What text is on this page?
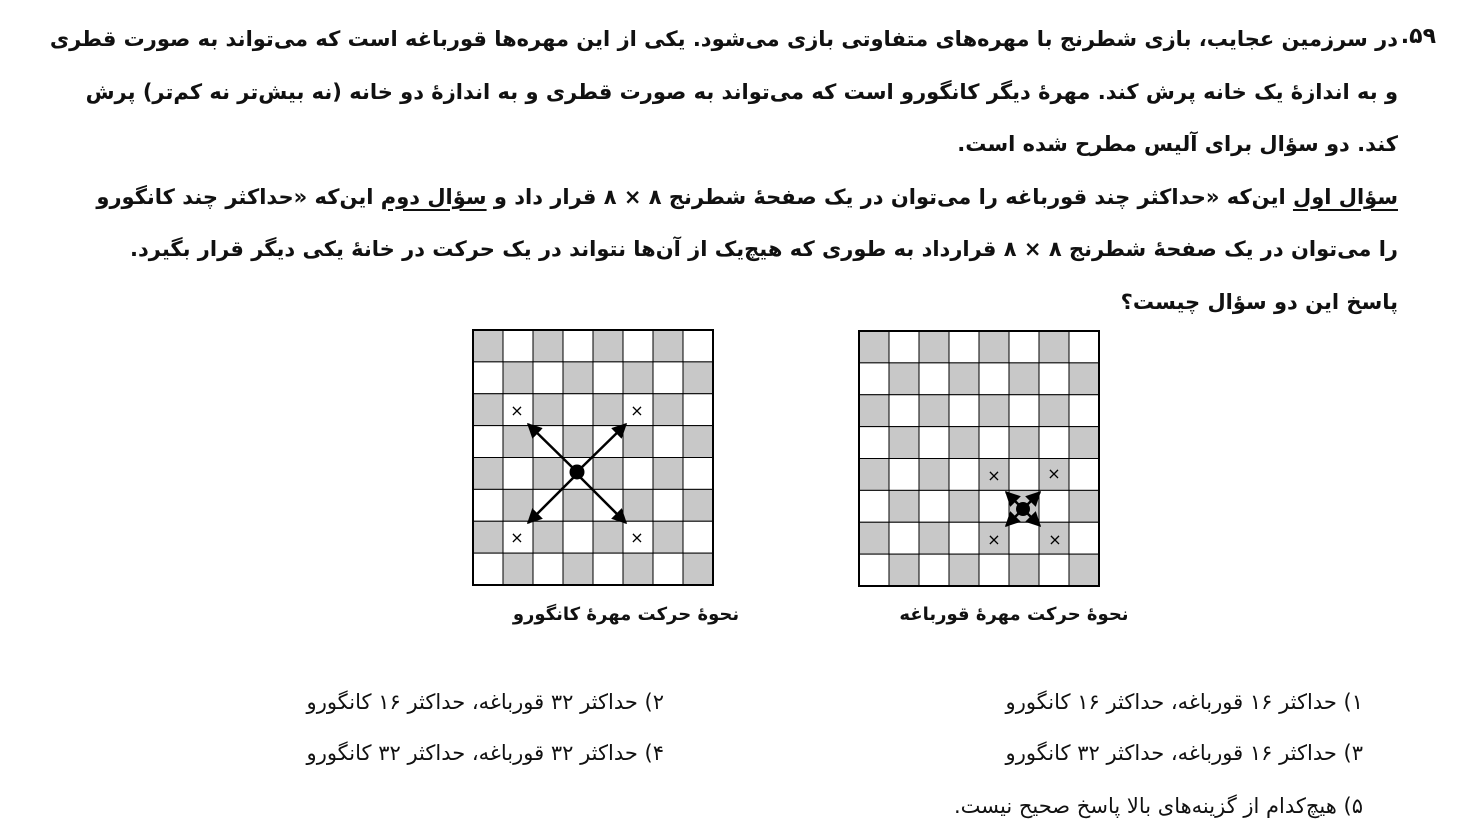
۵۹.
در سرزمین عجایب، بازی شطرنج با مهره‌های متفاوتی بازی می‌شود. یکی از این مهره‌ها قورباغه است که می‌تواند به صورت قطری
و به اندازهٔ یک خانه پرش کند. مهرهٔ دیگر کانگورو است که می‌تواند به صورت قطری و به اندازهٔ دو خانه (نه بیش‌تر نه کم‌تر) پرش
کند. دو سؤال برای آلیس مطرح شده است.
سؤال اول این‌که «حداکثر چند قورباغه را می‌توان در یک صفحهٔ شطرنج ۸ × ۸ قرار داد و سؤال دوم این‌که «حداکثر چند کانگورو
را می‌توان در یک صفحهٔ شطرنج ۸ × ۸ قرارداد به طوری که هیچ‌یک از آن‌ها نتواند در یک حرکت در خانهٔ یکی دیگر قرار بگیرد.
پاسخ این دو سؤال چیست؟
×	×
×	×
×	×
×	×
نحوهٔ حرکت مهرهٔ کانگورو	نحوهٔ حرکت مهرهٔ قورباغه
۱) حداکثر ۱۶ قورباغه، حداکثر ۱۶ کانگورو
۲) حداکثر ۳۲ قورباغه، حداکثر ۱۶ کانگورو
۳) حداکثر ۱۶ قورباغه، حداکثر ۳۲ کانگورو
۴) حداکثر ۳۲ قورباغه، حداکثر ۳۲ کانگورو
۵) هیچ‌کدام از گزینه‌های بالا پاسخ صحیح نیست.
